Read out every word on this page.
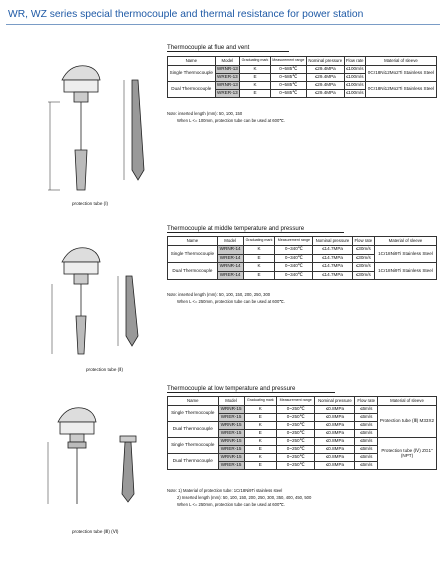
WR, WZ series special thermocouple and thermal resistance for power station
Thermocouple at flue and vent
Name	Model	Graduating mark	Measurement range	Nominal pressure	Flow rate	Material of sleeve
Single Thermocouple	WRNR-13	K	0~585℃	≤29.4MPa	≤100m/s	0Cr18Ni12Mo2Ti Stainless Steel
	WRER-13	E	0~585℃	≤29.4MPa	≤100m/s	
Dual Thermocouple	WRNR-13	K	0~585℃	≤29.4MPa	≤100m/s	0Cr18Ni12Mo2Ti Stainless Steel
	WRER-13	E	0~585℃	≤29.4MPa	≤100m/s	
Note: inserted length (mm): 50, 100, 150
When L <= 100mm, protection tube can be used at 600℃.
protection tube (Ⅰ)
Thermocouple at middle temperature and pressure
Name	Model	Graduating mark	Measurement range	Nominal pressure	Flow rate	Material of sleeve
Single Thermocouple	WRNR-14	K	0~340℃	≤14.7MPa	≤30m/s	1Cr18Ni9Ti Stainless Steel
	WRER-14	E	0~340℃	≤14.7MPa	≤30m/s	
Dual Thermocouple	WRNR-14	K	0~340℃	≤14.7MPa	≤30m/s	1Cr18Ni9Ti Stainless Steel
	WRER-14	E	0~340℃	≤14.7MPa	≤30m/s	
Note: inserted length (mm): 50, 100, 150, 200, 250, 300
When L <= 250mm, protection tube can be used at 600℃.
protection tube (Ⅱ)
Thermocouple at low temperature and pressure
Name	Model	Graduating mark	Measurement range	Nominal pressure	Flow rate	Material of sleeve
Single Thermocouple	WRNR-15	K	0~250℃	≤0.8MPa	≤6m/s	Protection tube (Ⅲ) M33X2
	WRER-15	E	0~250℃	≤0.8MPa	≤6m/s	
Dual Thermocouple	WRNR-15	K	0~250℃	≤0.8MPa	≤6m/s	
	WRER-15	E	0~250℃	≤0.8MPa	≤6m/s	
Single Thermocouple	WRNR-15	K	0~250℃	≤0.8MPa	≤6m/s	Protection tube (Ⅳ) ZG1"(NPT)
	WRER-15	E	0~250℃	≤0.8MPa	≤6m/s	
Dual Thermocouple	WRNR-15	K	0~250℃	≤0.8MPa	≤6m/s	
	WRER-15	E	0~250℃	≤0.8MPa	≤6m/s	
Note: 1) Material of protection tube: 1Cr18Ni9Ti stainless steel
2) Inserted length (mm): 50, 100, 150, 200, 250, 300, 350, 400, 450, 500
When L <= 250mm, protection tube can be used at 600℃.
protection tube (Ⅲ) (Ⅵ)
